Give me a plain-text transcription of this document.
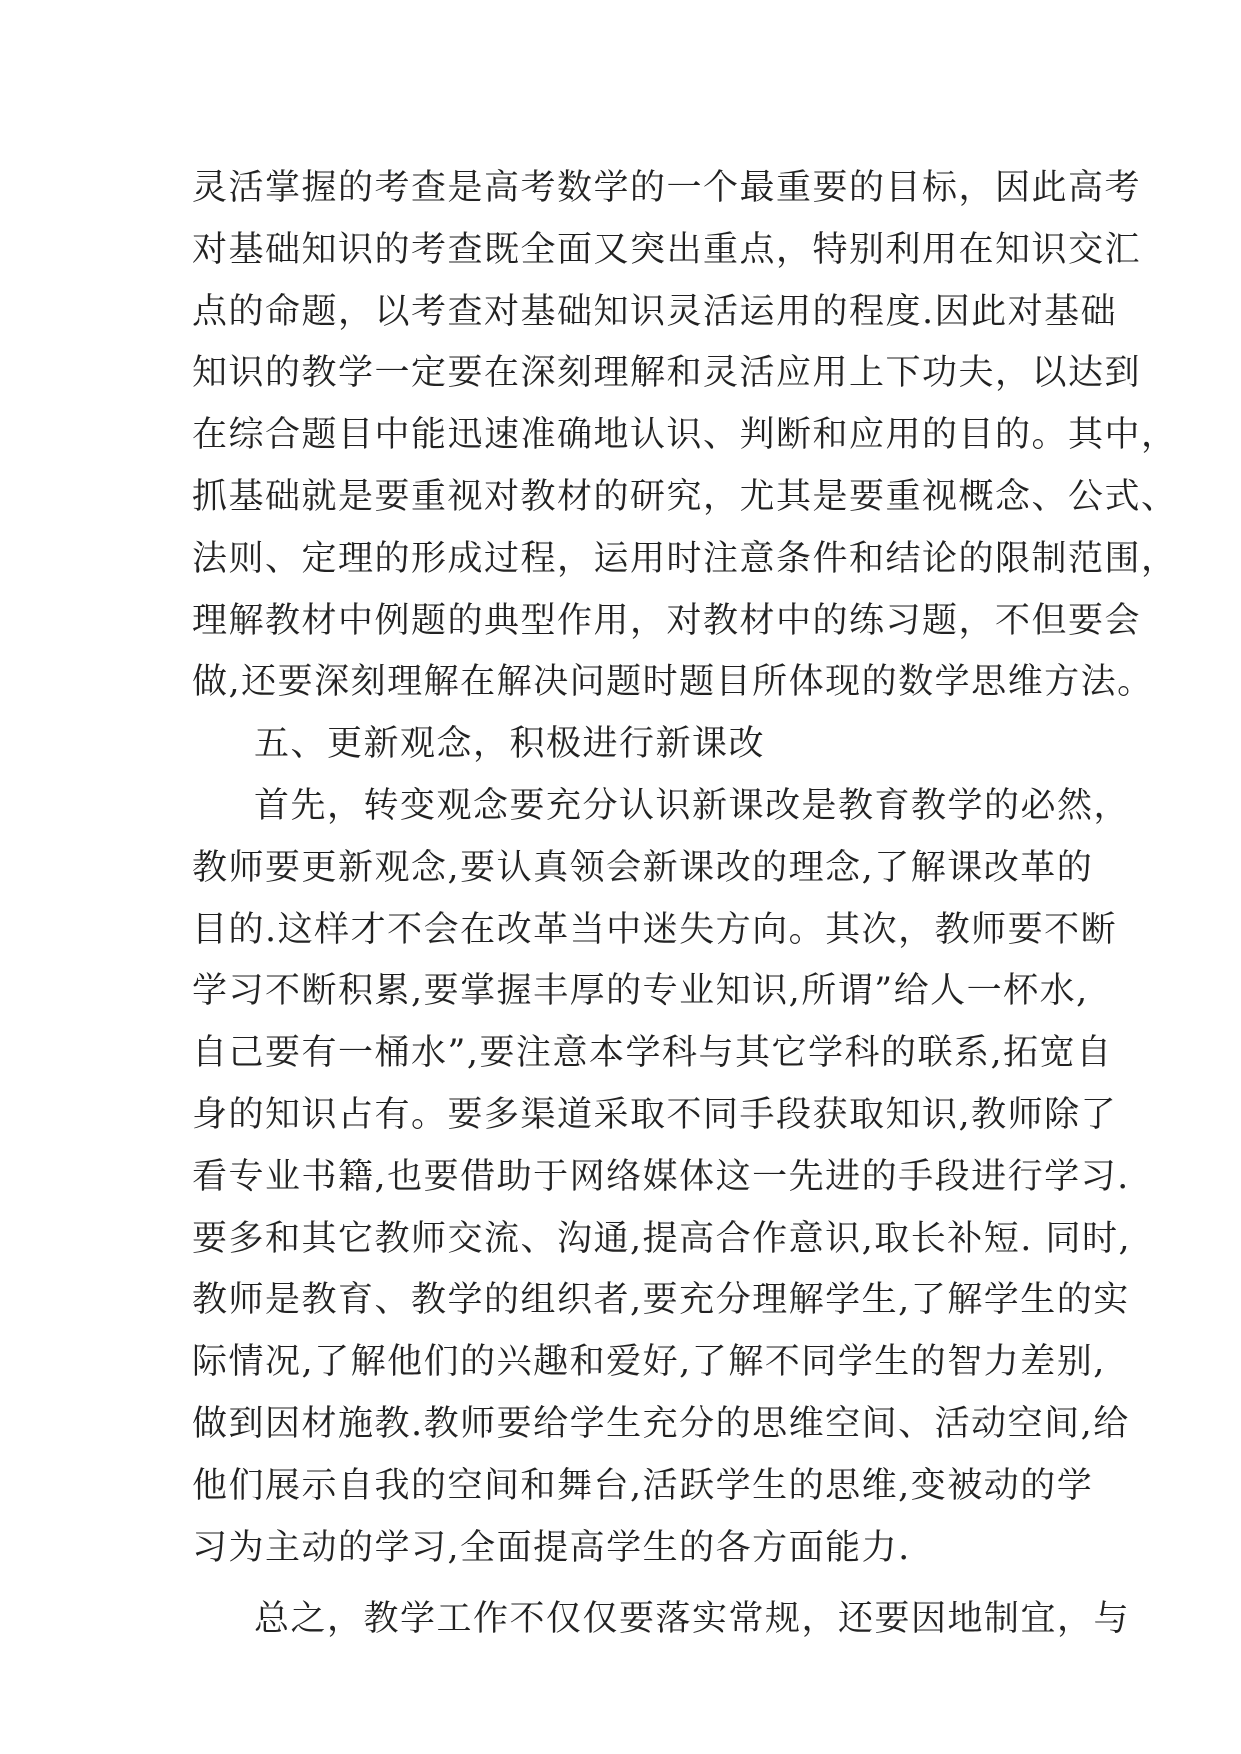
灵活掌握的考查是高考数学的一个最重要的目标，因此高考
对基础知识的考查既全面又突出重点，特别利用在知识交汇
点的命题，以考查对基础知识灵活运用的程度.因此对基础
知识的教学一定要在深刻理解和灵活应用上下功夫，以达到
在综合题目中能迅速准确地认识、判断和应用的目的。其中，
抓基础就是要重视对教材的研究，尤其是要重视概念、公式、
法则、定理的形成过程，运用时注意条件和结论的限制范围，
理解教材中例题的典型作用，对教材中的练习题，不但要会
做,还要深刻理解在解决问题时题目所体现的数学思维方法。
五、更新观念，积极进行新课改
首先，转变观念要充分认识新课改是教育教学的必然，
教师要更新观念,要认真领会新课改的理念,了解课改革的
目的.这样才不会在改革当中迷失方向。其次，教师要不断
学习不断积累,要掌握丰厚的专业知识,所谓”给人一杯水,
自己要有一桶水”,要注意本学科与其它学科的联系,拓宽自
身的知识占有。要多渠道采取不同手段获取知识,教师除了
看专业书籍,也要借助于网络媒体这一先进的手段进行学习.
要多和其它教师交流、沟通,提高合作意识,取长补短. 同时,
教师是教育、教学的组织者,要充分理解学生,了解学生的实
际情况,了解他们的兴趣和爱好,了解不同学生的智力差别,
做到因材施教.教师要给学生充分的思维空间、活动空间,给
他们展示自我的空间和舞台,活跃学生的思维,变被动的学
习为主动的学习,全面提高学生的各方面能力.
总之，教学工作不仅仅要落实常规，还要因地制宜，与
